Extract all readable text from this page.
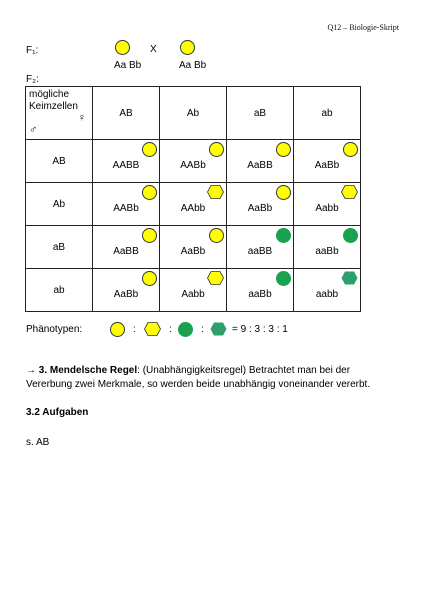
Q12 – Biologie-Skript
F₁:	X
Aa Bb	Aa Bb
F₂:
mögliche
Keimzellen
♀
♂	AB	Ab	aB	ab
AB	AABB	AABb	AaBB	AaBb

Ab	AABb	AAbb	AaBb	Aabb

aB	AaBB	AaBb	aaBB	aaBb

ab	AaBb	Aabb	aaBb	aabb
Phänotypen:	:	:	:	= 9 : 3 : 3 : 1
→ 3. Mendelsche Regel: (Unabhängigkeitsregel) Betrachtet man bei der
Vererbung zwei Merkmale, so werden beide unabhängig voneinander vererbt.
3.2 Aufgaben
s. AB
